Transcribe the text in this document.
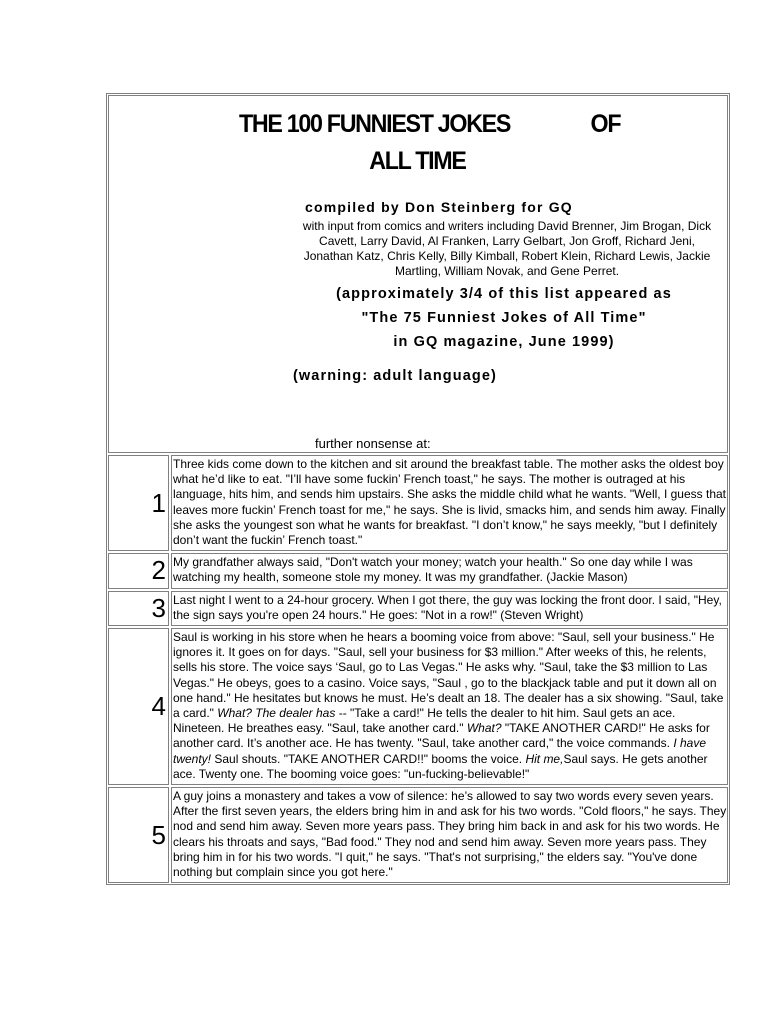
THE 100 FUNNIEST JOKES	OF
ALL TIME
compiled by Don Steinberg for GQ
with input from comics and writers including David Brenner, Jim Brogan, Dick Cavett, Larry David, Al Franken, Larry Gelbart, Jon Groff, Richard Jeni, Jonathan Katz, Chris Kelly, Billy Kimball, Robert Klein, Richard Lewis, Jackie Martling, William Novak, and Gene Perret.
(approximately 3/4 of this list appeared as
"The 75 Funniest Jokes of All Time"
in GQ magazine, June 1999)
(warning: adult language)
further nonsense at:
1
Three kids come down to the kitchen and sit around the breakfast table. The mother asks the oldest boy what he’d like to eat. "I’ll have some fuckin’ French toast," he says. The mother is outraged at his language, hits him, and sends him upstairs. She asks the middle child what he wants. "Well, I guess that leaves more fuckin’ French toast for me," he says. She is livid, smacks him, and sends him away. Finally she asks the youngest son what he wants for breakfast. "I don’t know," he says meekly, "but I definitely don’t want the fuckin’ French toast."
2 My grandfather always said, "Don't watch your money; watch your health." So one day while I was watching my health, someone stole my money. It was my grandfather. (Jackie Mason)
3 Last night I went to a 24-hour grocery. When I got there, the guy was locking the front door. I said, "Hey, the sign says you're open 24 hours." He goes: "Not in a row!" (Steven Wright)
4
Saul is working in his store when he hears a booming voice from above: "Saul, sell your business." He ignores it. It goes on for days. "Saul, sell your business for $3 million." After weeks of this, he relents, sells his store. The voice says ‘Saul, go to Las Vegas." He asks why. "Saul, take the $3 million to Las Vegas." He obeys, goes to a casino. Voice says, "Saul , go to the blackjack table and put it down all on one hand." He hesitates but knows he must. He’s dealt an 18. The dealer has a six showing. "Saul, take a card." What? The dealer has -- "Take a card!" He tells the dealer to hit him. Saul gets an ace. Nineteen. He breathes easy. "Saul, take another card." What? "TAKE ANOTHER CARD!" He asks for another card. It’s another ace. He has twenty. "Saul, take another card," the voice commands. I have twenty! Saul shouts. "TAKE ANOTHER CARD!!" booms the voice. Hit me,Saul says. He gets another ace. Twenty one. The booming voice goes: "un-fucking-believable!"
5
A guy joins a monastery and takes a vow of silence: he’s allowed to say two words every seven years. After the first seven years, the elders bring him in and ask for his two words. "Cold floors," he says. They nod and send him away. Seven more years pass. They bring him back in and ask for his two words. He clears his throats and says, "Bad food." They nod and send him away. Seven more years pass. They bring him in for his two words. "I quit," he says. "That's not surprising," the elders say. "You've done nothing but complain since you got here."
